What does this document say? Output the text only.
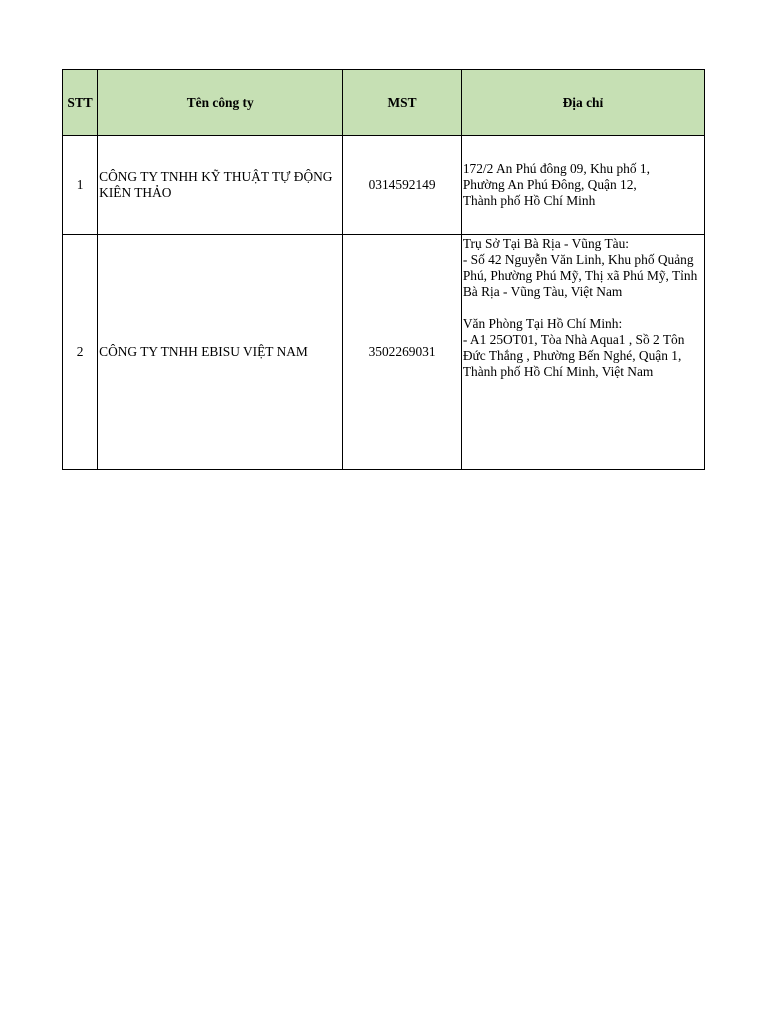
STT	Tên công ty	MST	Địa chỉ
1	CÔNG TY TNHH KỸ THUẬT TỰ ĐỘNG KIÊN THẢO	0314592149	172/2 An Phú đông 09, Khu phố 1,
Phường An Phú Đông, Quận 12,
Thành phố Hồ Chí Minh
2	CÔNG TY TNHH EBISU VIỆT NAM	3502269031	Trụ Sở Tại Bà Rịa - Vũng Tàu:
- Số 42 Nguyễn Văn Linh, Khu phố Quảng Phú, Phường Phú Mỹ, Thị xã Phú Mỹ, Tỉnh Bà Rịa - Vũng Tàu, Việt Nam

Văn Phòng Tại Hồ Chí Minh:
- A1 25OT01, Tòa Nhà Aqua1 , Sồ 2 Tôn Đức Thắng , Phường Bến Nghé, Quận 1, Thành phố Hồ Chí Minh, Việt Nam
